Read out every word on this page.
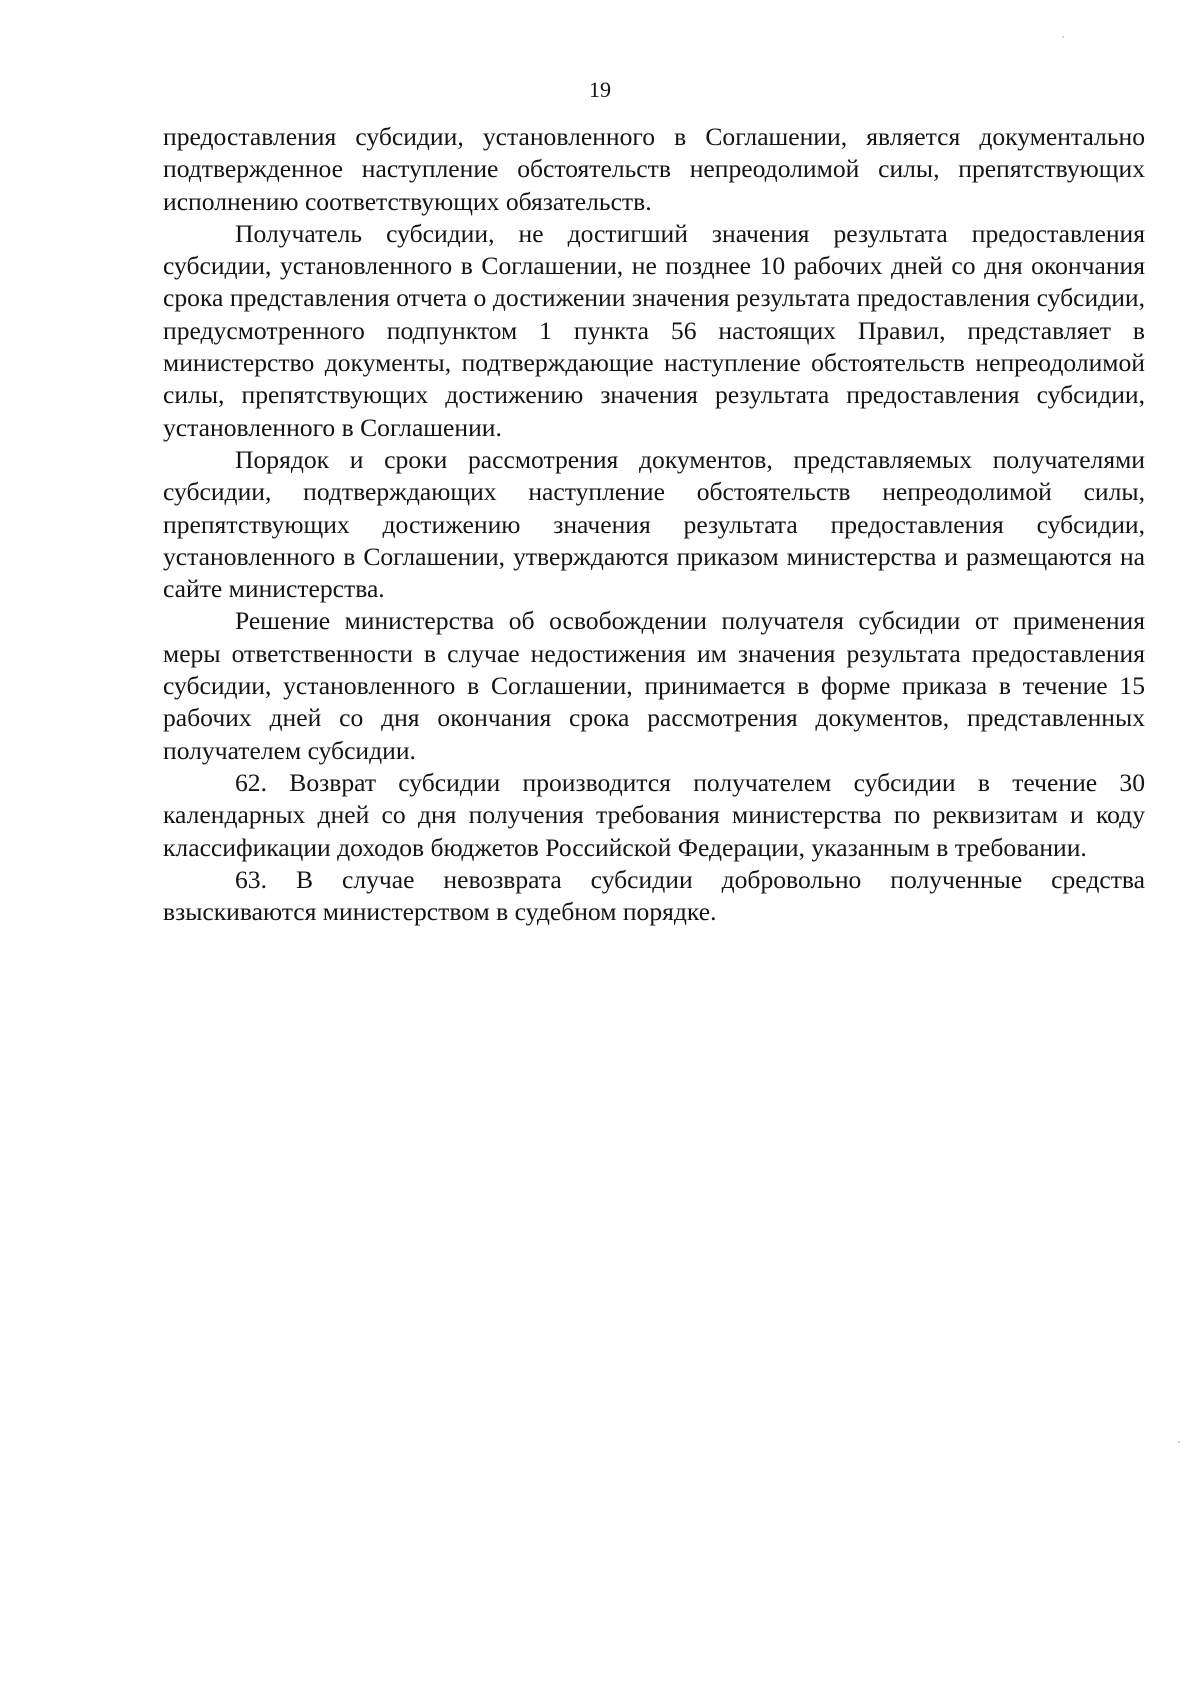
19

предоставления субсидии, установленного в Соглашении, является документально подтвержденное наступление обстоятельств непреодолимой силы, препятствующих исполнению соответствующих обязательств.

Получатель субсидии, не достигший значения результата предоставления субсидии, установленного в Соглашении, не позднее 10 рабочих дней со дня окончания срока представления отчета о достижении значения результата предоставления субсидии, предусмотренного подпунктом 1 пункта 56 настоящих Правил, представляет в министерство документы, подтверждающие наступление обстоятельств непреодолимой силы, препятствующих достижению значения результата предоставления субсидии, установленного в Соглашении.

Порядок и сроки рассмотрения документов, представляемых получателями субсидии, подтверждающих наступление обстоятельств непреодолимой силы, препятствующих достижению значения результата предоставления субсидии, установленного в Соглашении, утверждаются приказом министерства и размещаются на сайте министерства.

Решение министерства об освобождении получателя субсидии от применения меры ответственности в случае недостижения им значения результата предоставления субсидии, установленного в Соглашении, принимается в форме приказа в течение 15 рабочих дней со дня окончания срока рассмотрения документов, представленных получателем субсидии.

62. Возврат субсидии производится получателем субсидии в течение 30 календарных дней со дня получения требования министерства по реквизитам и коду классификации доходов бюджетов Российской Федерации, указанным в требовании.

63. В случае невозврата субсидии добровольно полученные средства взыскиваются министерством в судебном порядке.
